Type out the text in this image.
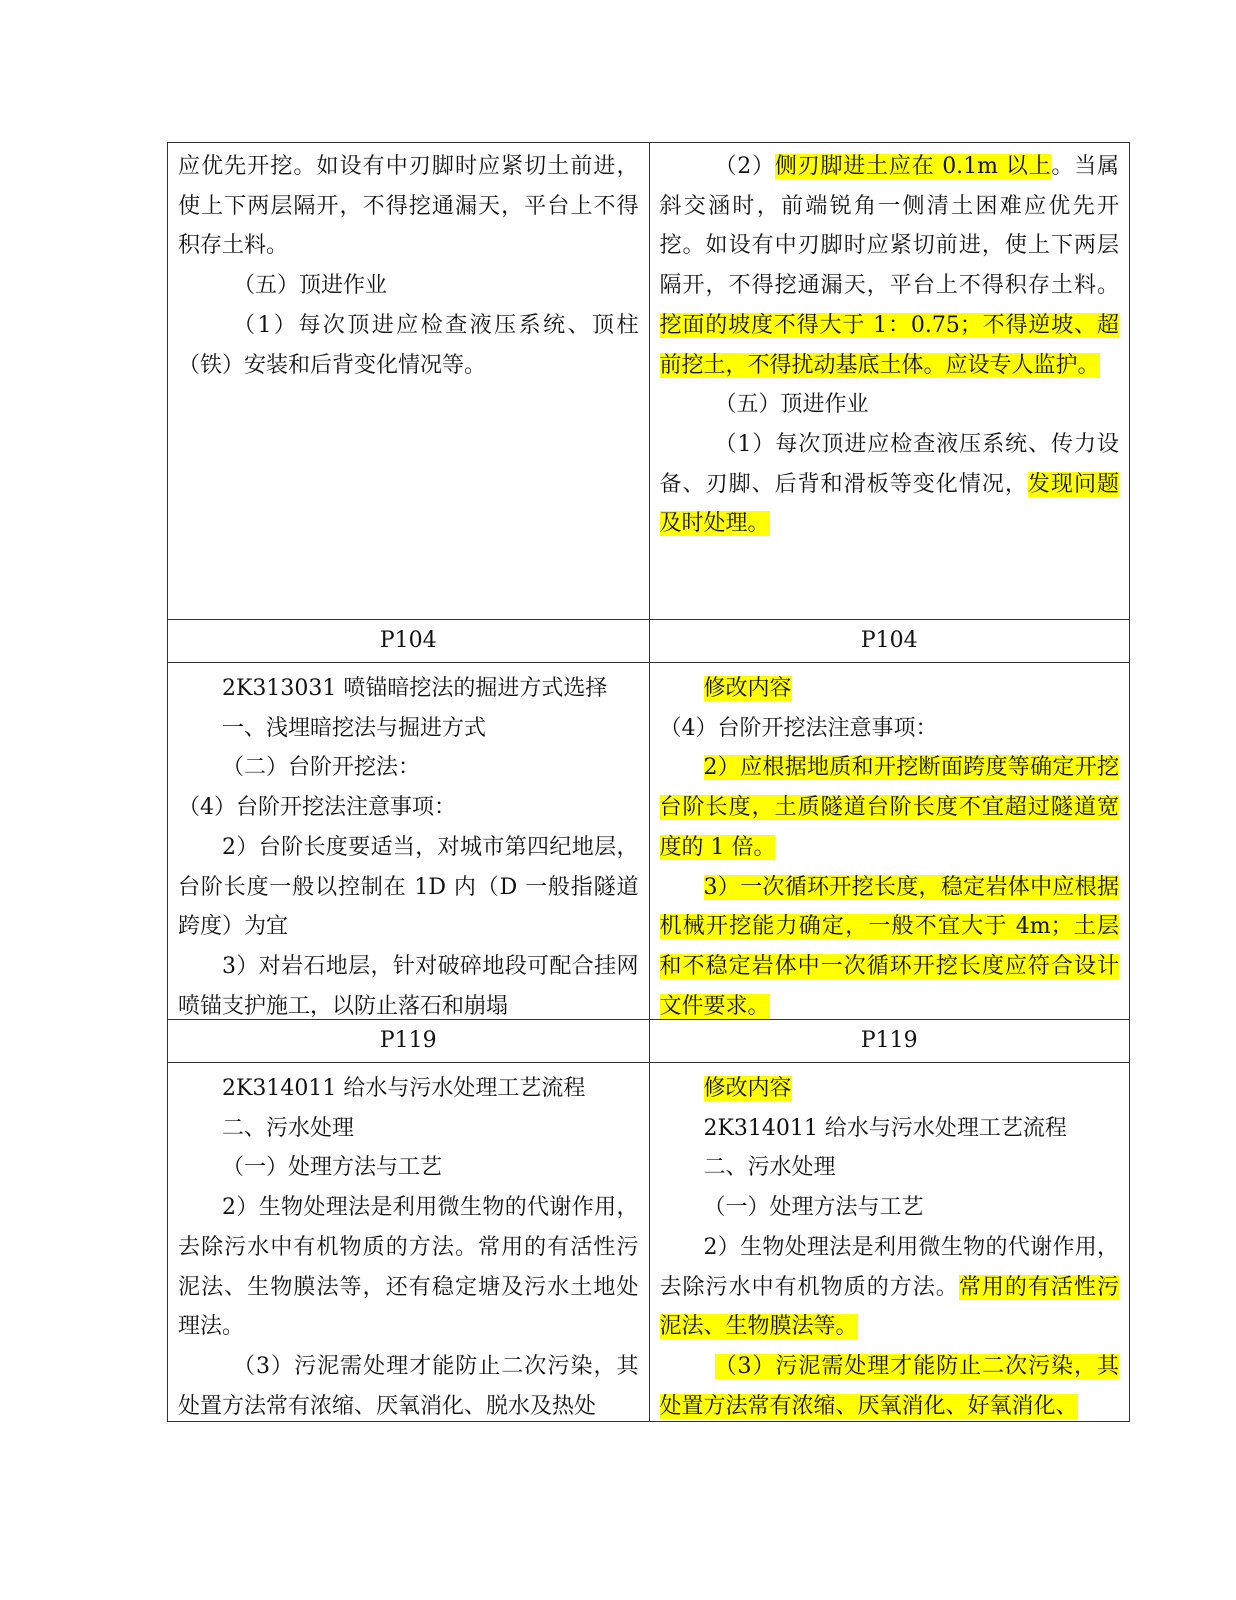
应优先开挖。如设有中刃脚时应紧切土前进，使上下两层隔开，不得挖通漏天，平台上不得积存土料。

（五）顶进作业

（1）每次顶进应检查液压系统、顶柱（铁）安装和后背变化情况等。

（2）侧刃脚进土应在 0.1m 以上。当属斜交涵时，前端锐角一侧清土困难应优先开挖。如设有中刃脚时应紧切前进，使上下两层隔开，不得挖通漏天，平台上不得积存土料。挖面的坡度不得大于 1：0.75；不得逆坡、超前挖土，不得扰动基底土体。应设专人监护。

（五）顶进作业

（1）每次顶进应检查液压系统、传力设备、刃脚、后背和滑板等变化情况，发现问题及时处理。

P104	P104

2K313031 喷锚暗挖法的掘进方式选择

一、浅埋暗挖法与掘进方式

（二）台阶开挖法：

（4）台阶开挖法注意事项：

2）台阶长度要适当，对城市第四纪地层，台阶长度一般以控制在 1D 内（D 一般指隧道跨度）为宜

3）对岩石地层，针对破碎地段可配合挂网喷锚支护施工，以防止落石和崩塌

修改内容

（4）台阶开挖法注意事项：

2）应根据地质和开挖断面跨度等确定开挖台阶长度，土质隧道台阶长度不宜超过隧道宽度的 1 倍。

3）一次循环开挖长度，稳定岩体中应根据机械开挖能力确定，一般不宜大于 4m；土层和不稳定岩体中一次循环开挖长度应符合设计文件要求。

P119	P119

2K314011 给水与污水处理工艺流程

二、污水处理

（一）处理方法与工艺

2）生物处理法是利用微生物的代谢作用，去除污水中有机物质的方法。常用的有活性污泥法、生物膜法等，还有稳定塘及污水土地处理法。

（3）污泥需处理才能防止二次污染，其处置方法常有浓缩、厌氧消化、脱水及热处

修改内容

2K314011 给水与污水处理工艺流程

二、污水处理

（一）处理方法与工艺

2）生物处理法是利用微生物的代谢作用，去除污水中有机物质的方法。常用的有活性污泥法、生物膜法等。

（3）污泥需处理才能防止二次污染，其处置方法常有浓缩、厌氧消化、好氧消化、
